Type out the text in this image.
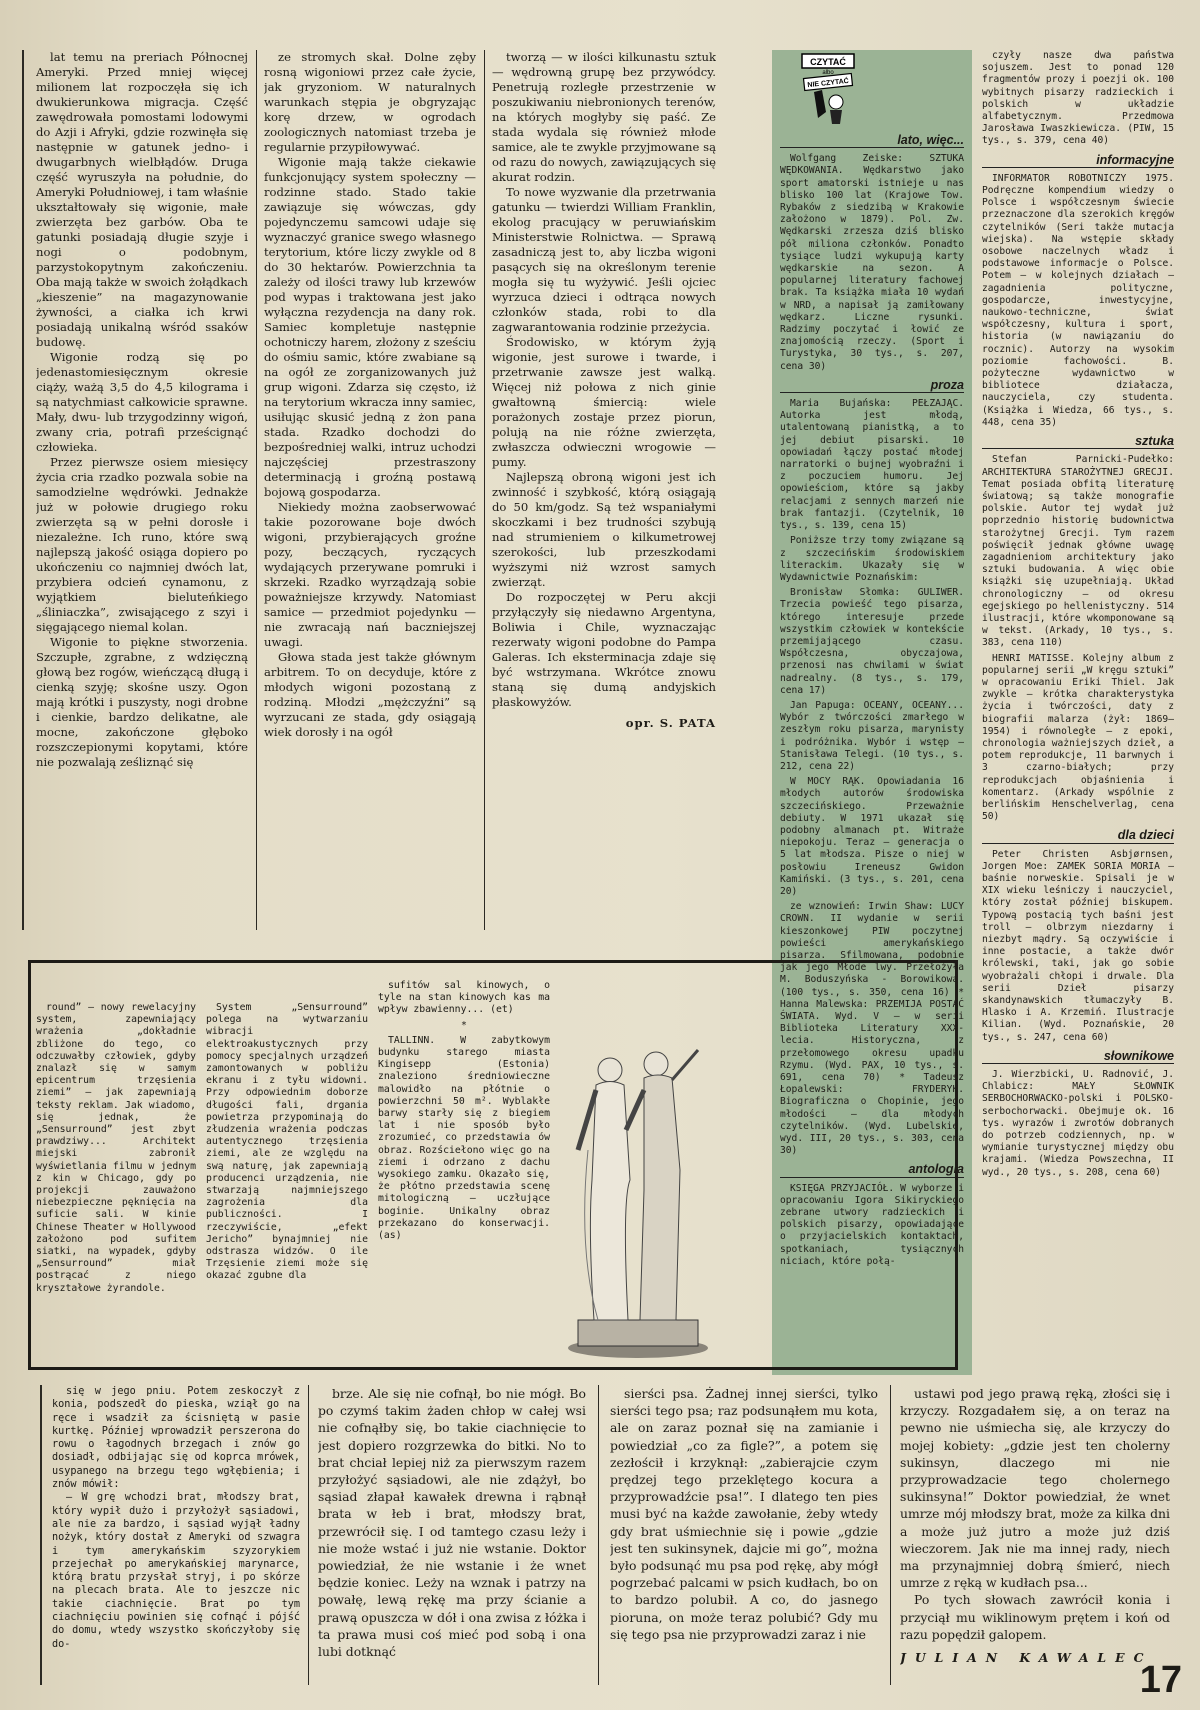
lat temu na preriach Północnej Ameryki. Przed mniej więcej milionem lat rozpoczęła się ich dwukierunkowa migracja. Część zawędrowała pomostami lodowymi do Azji i Afryki, gdzie rozwinęła się następnie w gatunek jedno- i dwugarbnych wielbłądów. Druga część wyruszyła na południe, do Ameryki Południowej, i tam właśnie ukształtowały się wigonie, małe zwierzęta bez garbów. Oba te gatunki posiadają długie szyje i nogi o podobnym, parzystokopytnym zakończeniu. Oba mają także w swoich żołądkach „kieszenie” na magazynowanie żywności, a ciałka ich krwi posiadają unikalną wśród ssaków budowę.

Wigonie rodzą się po jedenastomiesięcznym okresie ciąży, ważą 3,5 do 4,5 kilograma i są natychmiast całkowicie sprawne. Mały, dwu- lub trzygodzinny wigoń, zwany cria, potrafi prześcignąć człowieka.

Przez pierwsze osiem miesięcy życia cria rzadko pozwala sobie na samodzielne wędrówki. Jednakże już w połowie drugiego roku zwierzęta są w pełni dorosłe i niezależne. Ich runo, które swą najlepszą jakość osiąga dopiero po ukończeniu co najmniej dwóch lat, przybiera odcień cynamonu, z wyjątkiem bieluteńkiego „śliniaczka”, zwisającego z szyi i sięgającego niemal kolan.

Wigonie to piękne stworzenia. Szczupłe, zgrabne, z wdzięczną głową bez rogów, wieńczącą długą i cienką szyję; skośne uszy. Ogon mają krótki i puszysty, nogi drobne i cienkie, bardzo delikatne, ale mocne, zakończone głęboko rozszczepionymi kopytami, które nie pozwalają ześliznąć się

ze stromych skał. Dolne zęby rosną wigoniowi przez całe życie, jak gryzoniom. W naturalnych warunkach stępia je obgryzając korę drzew, w ogrodach zoologicznych natomiast trzeba je regularnie przypiłowywać.

Wigonie mają także ciekawie funkcjonujący system społeczny — rodzinne stado. Stado takie zawiązuje się wówczas, gdy pojedynczemu samcowi udaje się wyznaczyć granice swego własnego terytorium, które liczy zwykle od 8 do 30 hektarów. Powierzchnia ta zależy od ilości trawy lub krzewów pod wypas i traktowana jest jako wyłączna rezydencja na dany rok. Samiec kompletuje następnie ochotniczy harem, złożony z sześciu do ośmiu samic, które zwabiane są na ogół ze zorganizowanych już grup wigoni. Zdarza się często, iż na terytorium wkracza inny samiec, usiłując skusić jedną z żon pana stada. Rzadko dochodzi do bezpośredniej walki, intruz uchodzi najczęściej przestraszony determinacją i groźną postawą bojową gospodarza.

Niekiedy można zaobserwować takie pozorowane boje dwóch wigoni, przybierających groźne pozy, beczących, ryczących wydających przerywane pomruki i skrzeki. Rzadko wyrządzają sobie poważniejsze krzywdy. Natomiast samice — przedmiot pojedynku — nie zwracają nań baczniejszej uwagi.

Głowa stada jest także głównym arbitrem. To on decyduje, które z młodych wigoni pozostaną z rodziną. Młodzi „mężczyźni” są wyrzucani ze stada, gdy osiągają wiek dorosły i na ogół

tworzą — w ilości kilkunastu sztuk — wędrowną grupę bez przywódcy. Penetrują rozległe przestrzenie w poszukiwaniu niebronionych terenów, na których mogłyby się paść. Ze stada wydala się również młode samice, ale te zwykle przyjmowane są od razu do nowych, zawiązujących się akurat rodzin.

To nowe wyzwanie dla przetrwania gatunku — twierdzi William Franklin, ekolog pracujący w peruwiańskim Ministerstwie Rolnictwa. — Sprawą zasadniczą jest to, aby liczba wigoni pasących się na określonym terenie mogła się tu wyżywić. Jeśli ojciec wyrzuca dzieci i odtrąca nowych członków stada, robi to dla zagwarantowania rodzinie przeżycia.

Środowisko, w którym żyją wigonie, jest surowe i twarde, i przetrwanie zawsze jest walką. Więcej niż połowa z nich ginie gwałtowną śmiercią: wiele porażonych zostaje przez piorun, polują na nie różne zwierzęta, zwłaszcza odwieczni wrogowie — pumy.

Najlepszą obroną wigoni jest ich zwinność i szybkość, którą osiągają do 50 km/godz. Są też wspaniałymi skoczkami i bez trudności szybują nad strumieniem o kilkumetrowej szerokości, lub przeszkodami wyższymi niż wzrost samych zwierząt.

Do rozpoczętej w Peru akcji przyłączyły się niedawno Argentyna, Boliwia i Chile, wyznaczając rezerwaty wigoni podobne do Pampa Galeras. Ich eksterminacja zdaje się być wstrzymana. Wkrótce znowu staną się dumą andyjskich płaskowyżów.

opr. S. PATA
CZYTAĆ
albo
NIE CZYTAĆ
lato, więc...

Wolfgang Zeiske: SZTUKA WĘDKOWANIA. Wędkarstwo jako sport amatorski istnieje u nas blisko 100 lat (Krajowe Tow. Rybaków z siedzibą w Krakowie założono w 1879). Pol. Zw. Wędkarski zrzesza dziś blisko pół miliona członków. Ponadto tysiące ludzi wykupują karty wędkarskie na sezon. A popularnej literatury fachowej brak. Ta książka miała 10 wydań w NRD, a napisał ją zamiłowany wędkarz. Liczne rysunki. Radzimy poczytać i łowić ze znajomością rzeczy. (Sport i Turystyka, 30 tys., s. 207, cena 30)

proza

Maria Bujańska: PEŁZAJĄC. Autorka jest młodą, utalentowaną pianistką, a to jej debiut pisarski. 10 opowiadań łączy postać młodej narratorki o bujnej wyobraźni i z poczuciem humoru. Jej opowieściom, które są jakby relacjami z sennych marzeń nie brak fantazji. (Czytelnik, 10 tys., s. 139, cena 15)

Poniższe trzy tomy związane są z szczecińskim środowiskiem literackim. Ukazały się w Wydawnictwie Poznańskim:

Bronisław Słomka: GULIWER. Trzecia powieść tego pisarza, którego interesuje przede wszystkim człowiek w kontekście przemijającego czasu. Współczesna, obyczajowa, przenosi nas chwilami w świat nadrealny. (8 tys., s. 179, cena 17)

Jan Papuga: OCEANY, OCEANY... Wybór z twórczości zmarłego w zeszłym roku pisarza, marynisty i podróżnika. Wybór i wstęp — Stanisława Telegi. (10 tys., s. 212, cena 22)

W MOCY RĄK. Opowiadania 16 młodych autorów środowiska szczecińskiego. Przeważnie debiuty. W 1971 ukazał się podobny almanach pt. Witraże niepokoju. Teraz — generacja o 5 lat młodsza. Pisze o niej w posłowiu Ireneusz Gwidon Kamiński. (3 tys., s. 201, cena 20)

ze wznowień: Irwin Shaw: LUCY CROWN. II wydanie w serii kieszonkowej PIW poczytnej powieści amerykańskiego pisarza. Sfilmowana, podobnie jak jego Młode lwy. Przełożyła M. Boduszyńska - Borowikowa. (100 tys., s. 350, cena 16) * Hanna Malewska: PRZEMIJA POSTAĆ ŚWIATA. Wyd. V — w serii Biblioteka Literatury XXX-lecia. Historyczna, z przełomowego okresu upadku Rzymu. (Wyd. PAX, 10 tys., s. 691, cena 70) * Tadeusz Łopalewski: FRYDERYK. Biograficzna o Chopinie, jego młodości — dla młodych czytelników. (Wyd. Lubelskie, wyd. III, 20 tys., s. 303, cena 30)

antologia

KSIĘGA PRZYJACIÓŁ. W wyborze i opracowaniu Igora Sikiryckiego zebrane utwory radzieckich i polskich pisarzy, opowiadające o przyjacielskich kontaktach, spotkaniach, tysiącznych niciach, które połą-

czyły nasze dwa państwa sojuszem. Jest to ponad 120 fragmentów prozy i poezji ok. 100 wybitnych pisarzy radzieckich i polskich w układzie alfabetycznym. Przedmowa Jarosława Iwaszkiewicza. (PIW, 15 tys., s. 379, cena 40)

informacyjne

INFORMATOR ROBOTNICZY 1975. Podręczne kompendium wiedzy o Polsce i współczesnym świecie przeznaczone dla szerokich kręgów czytelników (Seri także mutacja wiejska). Na wstępie składy osobowe naczelnych władz i podstawowe informacje o Polsce. Potem — w kolejnych działach — zagadnienia polityczne, gospodarcze, inwestycyjne, naukowo-techniczne, świat współczesny, kultura i sport, historia (w nawiązaniu do rocznic). Autorzy na wysokim poziomie fachowości. B. pożyteczne wydawnictwo w bibliotece działacza, nauczyciela, czy studenta. (Książka i Wiedza, 66 tys., s. 448, cena 35)

sztuka

Stefan Parnicki-Pudełko: ARCHITEKTURA STAROŻYTNEJ GRECJI. Temat posiada obfitą literaturę światową; są także monografie polskie. Autor tej wydał już poprzednio historię budownictwa starożytnej Grecji. Tym razem poświęcił jednak główne uwagę zagadnieniom architektury jako sztuki budowania. A więc obie książki się uzupełniają. Układ chronologiczny — od okresu egejskiego po hellenistyczny. 514 ilustracji, które wkomponowane są w tekst. (Arkady, 10 tys., s. 383, cena 110)

HENRI MATISSE. Kolejny album z popularnej serii „W kręgu sztuki” w opracowaniu Eriki Thiel. Jak zwykle — krótka charakterystyka życia i twórczości, daty z biografii malarza (żył: 1869—1954) i równoległe — z epoki, chronologia ważniejszych dzieł, a potem reprodukcje, 11 barwnych i 3 czarno-białych; przy reprodukcjach objaśnienia i komentarz. (Arkady wspólnie z berlińskim Henschelverlag, cena 50)

dla dzieci

Peter Christen Asbjørnsen, Jorgen Moe: ZAMEK SORIA MORIA — baśnie norweskie. Spisali je w XIX wieku leśniczy i nauczyciel, który został później biskupem. Typową postacią tych baśni jest troll — olbrzym niezdarny i niezbyt mądry. Są oczywiście i inne postacie, a także dwór królewski, taki, jak go sobie wyobrażali chłopi i drwale. Dla serii Dzieł pisarzy skandynawskich tłumaczyły B. Hlasko i A. Krzemiń. Ilustracje Kilian. (Wyd. Poznańskie, 20 tys., s. 247, cena 60)

słownikowe

J. Wierzbicki, U. Radnović, J. Chlabicz: MAŁY SŁOWNIK SERBOCHORWACKO-polski i POLSKO-serbochorwacki. Obejmuje ok. 16 tys. wyrazów i zwrotów dobranych do potrzeb codziennych, np. w wymianie turystycznej między obu krajami. (Wiedza Powszechna, II wyd., 20 tys., s. 208, cena 60)

round” — nowy rewelacyjny system, zapewniający wrażenia „dokładnie zbliżone do tego, co odczuwałby człowiek, gdyby znalazł się w samym epicentrum trzęsienia ziemi” — jak zapewniają teksty reklam. Jak wiadomo, się jednak, że „Sensurround” jest zbyt prawdziwy... Architekt miejski zabronił wyświetlania filmu w jednym z kin w Chicago, gdy po projekcji zauważono niebezpieczne pęknięcia na suficie sali. W kinie Chinese Theater w Hollywood założono pod sufitem siatki, na wypadek, gdyby „Sensurround” miał postrącać z niego kryształowe żyrandole.

System „Sensurround” polega na wytwarzaniu wibracji elektroakustycznych przy pomocy specjalnych urządzeń zamontowanych w pobliżu ekranu i z tyłu widowni. Przy odpowiednim doborze długości fali, drgania powietrza przypominają do złudzenia wrażenia podczas autentycznego trzęsienia ziemi, ale ze względu na swą naturę, jak zapewniają producenci urządzenia, nie stwarzają najmniejszego zagrożenia dla publiczności. I rzeczywiście, „efekt Jericho” bynajmniej nie odstrasza widzów. O ile Trzęsienie ziemi może się okazać zgubne dla

sufitów sal kinowych, o tyle na stan kinowych kas ma wpływ zbawienny... (et)

*

TALLINN. W zabytkowym budynku starego miasta Kingisepp (Estonia) znaleziono średniowieczne malowidło na płótnie o powierzchni 50 m². Wyblakłe barwy starły się z biegiem lat i nie sposób było zrozumieć, co przedstawia ów obraz. Rozściełono więc go na ziemi i odrzano z dachu wysokiego zamku. Okazało się, że płótno przedstawia scenę mitologiczną — uczłujące boginie. Unikalny obraz przekazano do konserwacji. (as)

się w jego pniu. Potem zeskoczył z konia, podszedł do pieska, wziął go na ręce i wsadził za ścisniętą w pasie kurtkę. Później wprowadził perszerona do rowu o łagodnych brzegach i znów go dosiadł, odbijając się od koprca mrówek, usypanego na brzegu tego wgłębienia; i znów mówił:

— W grę wchodzi brat, młodszy brat, który wypił dużo i przyłożył sąsiadowi, ale nie za bardzo, i sąsiad wyjął ładny nożyk, który dostał z Ameryki od szwagra i tym amerykańskim szyzorykiem przejechał po amerykańskiej marynarce, którą bratu przysłał stryj, i po skórze na plecach brata. Ale to jeszcze nic takie ciachnięcie. Brat po tym ciachnięciu powinien się cofnąć i pójść do domu, wtedy wszystko skończyłoby się do-

brze. Ale się nie cofnął, bo nie mógł. Bo po czymś takim żaden chłop w całej wsi nie cofnąłby się, bo takie ciachnięcie to jest dopiero rozgrzewka do bitki. No to brat chciał lepiej niż za pierwszym razem przyłożyć sąsiadowi, ale nie zdążył, bo sąsiad złapał kawałek drewna i rąbnął brata w łeb i brat, młodszy brat, przewrócił się. I od tamtego czasu leży i nie może wstać i już nie wstanie. Doktor powiedział, że nie wstanie i że wnet będzie koniec. Leży na wznak i patrzy na powałę, lewą rękę ma przy ścianie a prawą opuszcza w dół i ona zwisa z łóżka i ta prawa musi coś mieć pod sobą i ona lubi dotknąć

sierści psa. Żadnej innej sierści, tylko sierści tego psa; raz podsunąłem mu kota, ale on zaraz poznał się na zamianie i powiedział „co za figle?”, a potem się zezłościł i krzyknął: „zabierajcie czym prędzej tego przeklętego kocura a przyprowadźcie psa!”. I dlatego ten pies musi być na każde zawołanie, żeby wtedy gdy brat uśmiechnie się i powie „gdzie jest ten sukinsynek, dajcie mi go”, można było podsunąć mu psa pod rękę, aby mógł pogrzebać palcami w psich kudłach, bo on to bardzo polubił. A co, do jasnego pioruna, on może teraz polubić? Gdy mu się tego psa nie przyprowadzi zaraz i nie

ustawi pod jego prawą ręką, złości się i krzyczy. Rozgadałem się, a on teraz na pewno nie uśmiecha się, ale krzyczy do mojej kobiety: „gdzie jest ten cholerny sukinsyn, dlaczego mi nie przyprowadzacie tego cholernego sukinsyna!” Doktor powiedział, że wnet umrze mój młodszy brat, może za kilka dni a może już jutro a może już dziś wieczorem. Jak nie ma innej rady, niech ma przynajmniej dobrą śmierć, niech umrze z ręką w kudłach psa...

Po tych słowach zawrócił konia i przyciął mu wiklinowym prętem i koń od razu popędził galopem.

JULIAN KAWALEC
17
